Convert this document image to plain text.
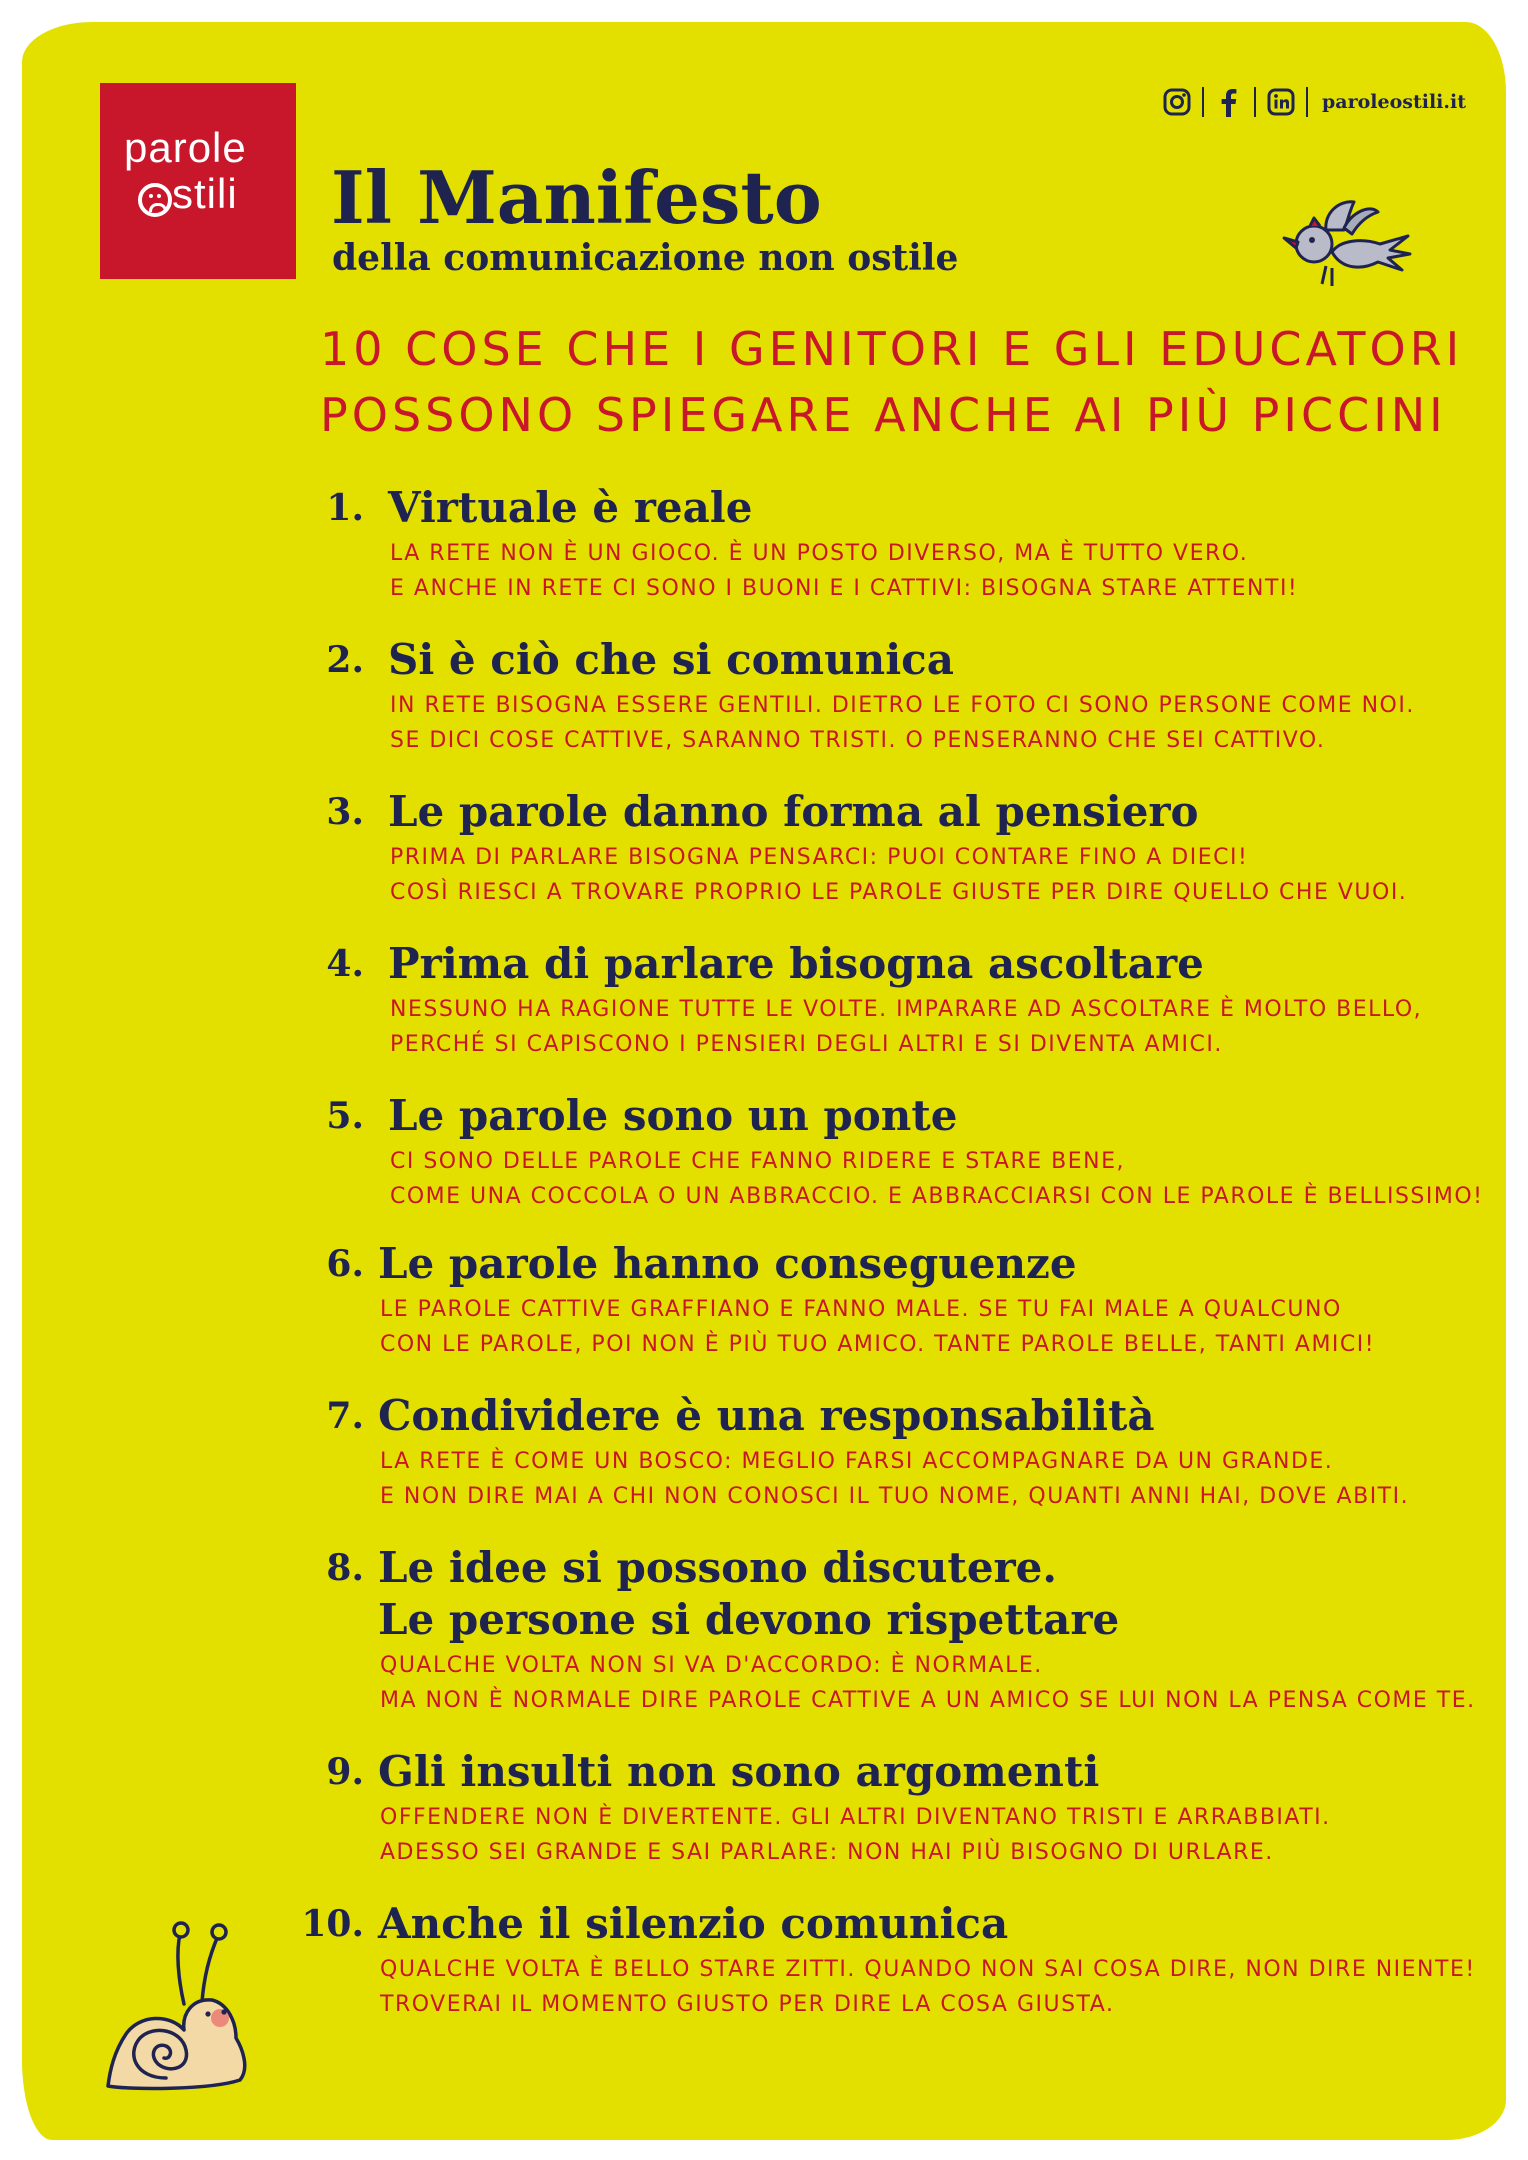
parole
stili
paroleostili.it
Il Manifesto
della comunicazione non ostile
10 COSE CHE I GENITORI E GLI EDUCATORI
POSSONO SPIEGARE ANCHE AI PIÙ PICCINI
1. Virtuale è reale
LA RETE NON È UN GIOCO. È UN POSTO DIVERSO, MA È TUTTO VERO.
E ANCHE IN RETE CI SONO I BUONI E I CATTIVI: BISOGNA STARE ATTENTI!
2. Si è ciò che si comunica
IN RETE BISOGNA ESSERE GENTILI. DIETRO LE FOTO CI SONO PERSONE COME NOI.
SE DICI COSE CATTIVE, SARANNO TRISTI. O PENSERANNO CHE SEI CATTIVO.
3. Le parole danno forma al pensiero
PRIMA DI PARLARE BISOGNA PENSARCI: PUOI CONTARE FINO A DIECI!
COSÌ RIESCI A TROVARE PROPRIO LE PAROLE GIUSTE PER DIRE QUELLO CHE VUOI.
4. Prima di parlare bisogna ascoltare
NESSUNO HA RAGIONE TUTTE LE VOLTE. IMPARARE AD ASCOLTARE È MOLTO BELLO,
PERCHÉ SI CAPISCONO I PENSIERI DEGLI ALTRI E SI DIVENTA AMICI.
5. Le parole sono un ponte
CI SONO DELLE PAROLE CHE FANNO RIDERE E STARE BENE,
COME UNA COCCOLA O UN ABBRACCIO. E ABBRACCIARSI CON LE PAROLE È BELLISSIMO!
6. Le parole hanno conseguenze
LE PAROLE CATTIVE GRAFFIANO E FANNO MALE. SE TU FAI MALE A QUALCUNO
CON LE PAROLE, POI NON È PIÙ TUO AMICO. TANTE PAROLE BELLE, TANTI AMICI!
7. Condividere è una responsabilità
LA RETE È COME UN BOSCO: MEGLIO FARSI ACCOMPAGNARE DA UN GRANDE.
E NON DIRE MAI A CHI NON CONOSCI IL TUO NOME, QUANTI ANNI HAI, DOVE ABITI.
8. Le idee si possono discutere.
Le persone si devono rispettare
QUALCHE VOLTA NON SI VA D'ACCORDO: È NORMALE.
MA NON È NORMALE DIRE PAROLE CATTIVE A UN AMICO SE LUI NON LA PENSA COME TE.
9. Gli insulti non sono argomenti
OFFENDERE NON È DIVERTENTE. GLI ALTRI DIVENTANO TRISTI E ARRABBIATI.
ADESSO SEI GRANDE E SAI PARLARE: NON HAI PIÙ BISOGNO DI URLARE.
10. Anche il silenzio comunica
QUALCHE VOLTA È BELLO STARE ZITTI. QUANDO NON SAI COSA DIRE, NON DIRE NIENTE!
TROVERAI IL MOMENTO GIUSTO PER DIRE LA COSA GIUSTA.
